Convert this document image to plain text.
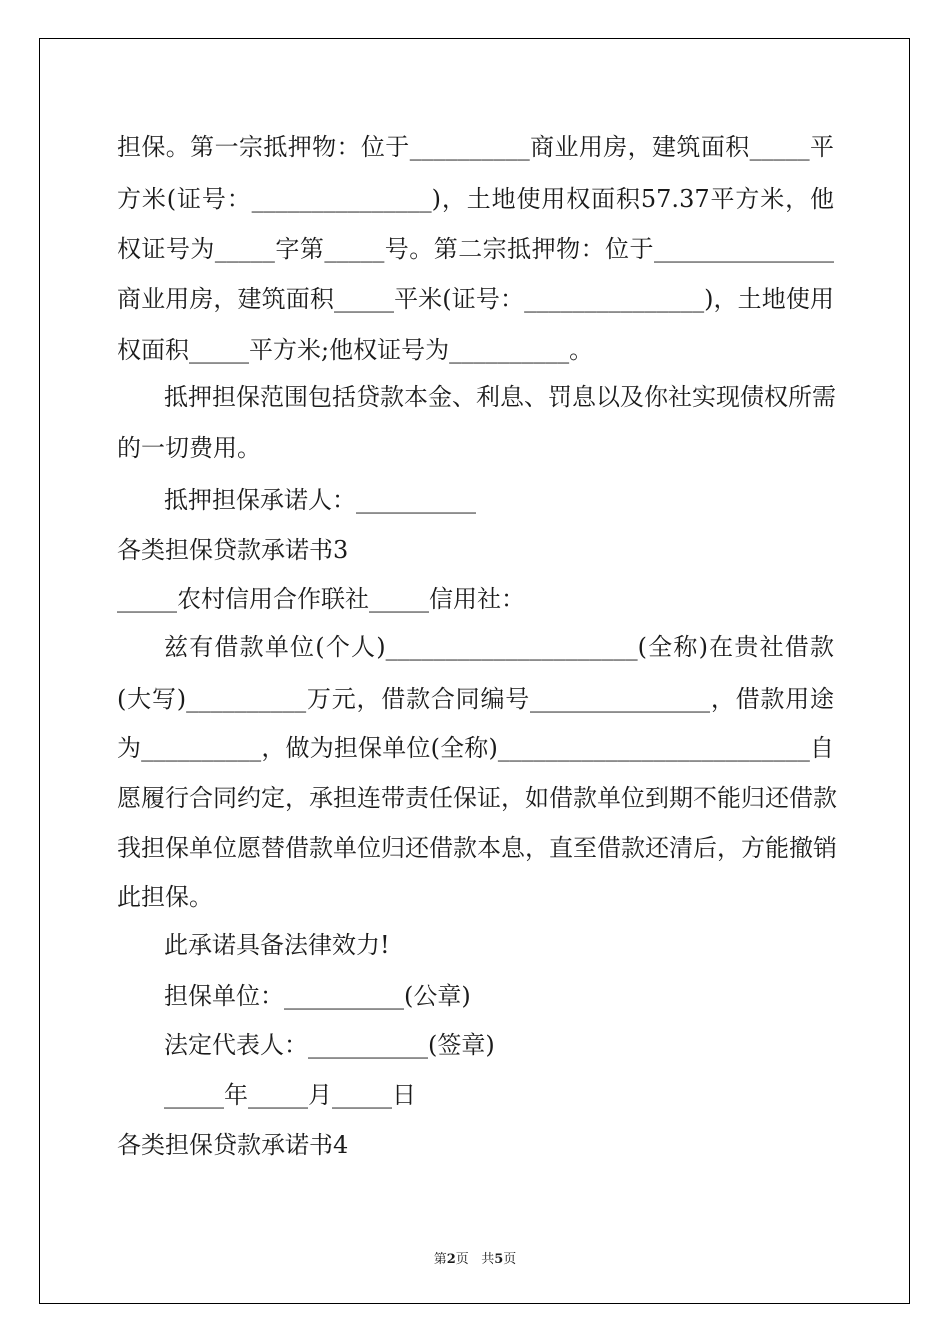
担保。第一宗抵押物：位于__________商业用房，建筑面积_____平

方米(证号：_______________)，土地使用权面积57.37平方米，他

权证号为_____字第_____号。第二宗抵押物：位于_______________

商业用房，建筑面积_____平米(证号：_______________)，土地使用

权面积_____平方米;他权证号为__________。

抵押担保范围包括贷款本金、利息、罚息以及你社实现债权所需

的一切费用。

抵押担保承诺人：__________

各类担保贷款承诺书3

_____农村信用合作联社_____信用社：

兹有借款单位(个人)_____________________(全称)在贵社借款

(大写)__________万元，借款合同编号_______________，借款用途

为__________，做为担保单位(全称)__________________________自

愿履行合同约定，承担连带责任保证，如借款单位到期不能归还借款

我担保单位愿替借款单位归还借款本息，直至借款还清后，方能撤销

此担保。

此承诺具备法律效力!

担保单位：__________(公章)

法定代表人：__________(签章)

_____年_____月_____日

各类担保贷款承诺书4

第2页   共5页
